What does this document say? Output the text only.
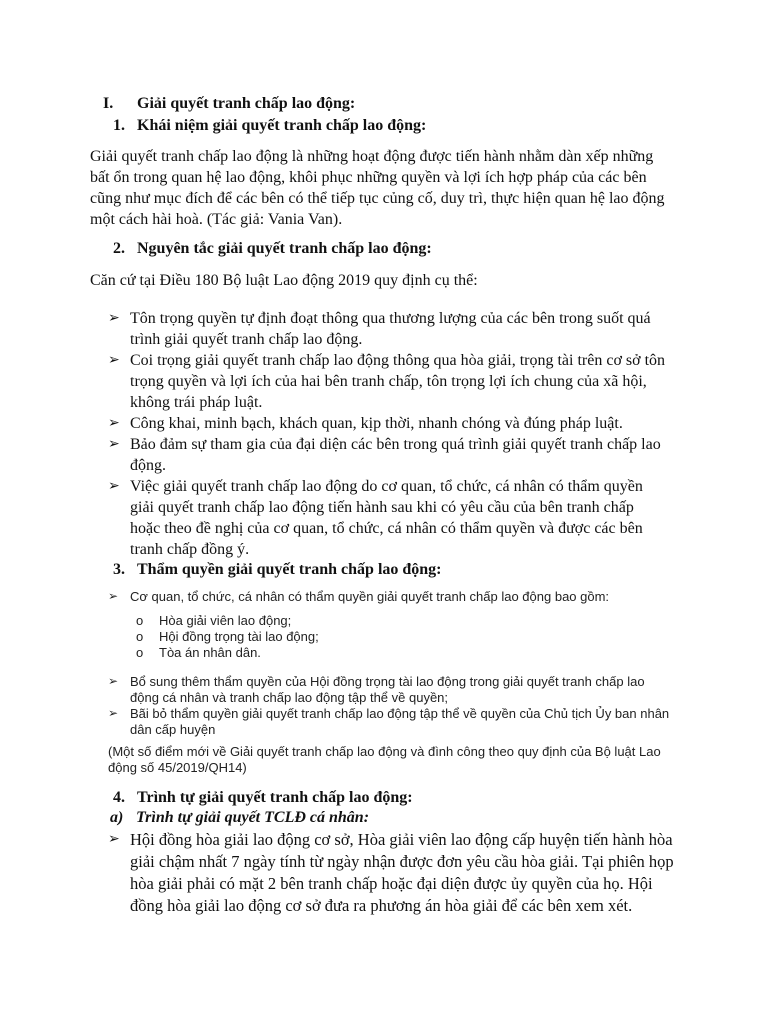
I. Giải quyết tranh chấp lao động:
1. Khái niệm giải quyết tranh chấp lao động:
Giải quyết tranh chấp lao động là những hoạt động được tiến hành nhằm dàn xếp những
bất ổn trong quan hệ lao động, khôi phục những quyền và lợi ích hợp pháp của các bên
cũng như mục đích để các bên có thể tiếp tục củng cố, duy trì, thực hiện quan hệ lao động
một cách hài hoà. (Tác giả: Vania Van).
2. Nguyên tắc giải quyết tranh chấp lao động:
Căn cứ tại Điều 180 Bộ luật Lao động 2019 quy định cụ thể:
➢ Tôn trọng quyền tự định đoạt thông qua thương lượng của các bên trong suốt quá
trình giải quyết tranh chấp lao động.
➢ Coi trọng giải quyết tranh chấp lao động thông qua hòa giải, trọng tài trên cơ sở tôn
trọng quyền và lợi ích của hai bên tranh chấp, tôn trọng lợi ích chung của xã hội,
không trái pháp luật.
➢ Công khai, minh bạch, khách quan, kịp thời, nhanh chóng và đúng pháp luật.
➢ Bảo đảm sự tham gia của đại diện các bên trong quá trình giải quyết tranh chấp lao
động.
➢ Việc giải quyết tranh chấp lao động do cơ quan, tổ chức, cá nhân có thẩm quyền
giải quyết tranh chấp lao động tiến hành sau khi có yêu cầu của bên tranh chấp
hoặc theo đề nghị của cơ quan, tổ chức, cá nhân có thẩm quyền và được các bên
tranh chấp đồng ý.
3. Thẩm quyền giải quyết tranh chấp lao động:
➢ Cơ quan, tổ chức, cá nhân có thẩm quyền giải quyết tranh chấp lao động bao gồm:
o Hòa giải viên lao động;
o Hội đồng trọng tài lao động;
o Tòa án nhân dân.
➢ Bổ sung thêm thẩm quyền của Hội đồng trọng tài lao động trong giải quyết tranh chấp lao
động cá nhân và tranh chấp lao động tập thể về quyền;
➢ Bãi bỏ thẩm quyền giải quyết tranh chấp lao động tập thể về quyền của Chủ tịch Ủy ban nhân
dân cấp huyện
(Một số điểm mới về Giải quyết tranh chấp lao động và đình công theo quy định của Bộ luật Lao
động số 45/2019/QH14)
4. Trình tự giải quyết tranh chấp lao động:
a) Trình tự giải quyết TCLĐ cá nhân:
➢ Hội đồng hòa giải lao động cơ sở, Hòa giải viên lao động cấp huyện tiến hành hòa
giải chậm nhất 7 ngày tính từ ngày nhận được đơn yêu cầu hòa giải. Tại phiên họp
hòa giải phải có mặt 2 bên tranh chấp hoặc đại diện được ủy quyền của họ. Hội
đồng hòa giải lao động cơ sở đưa ra phương án hòa giải để các bên xem xét.
